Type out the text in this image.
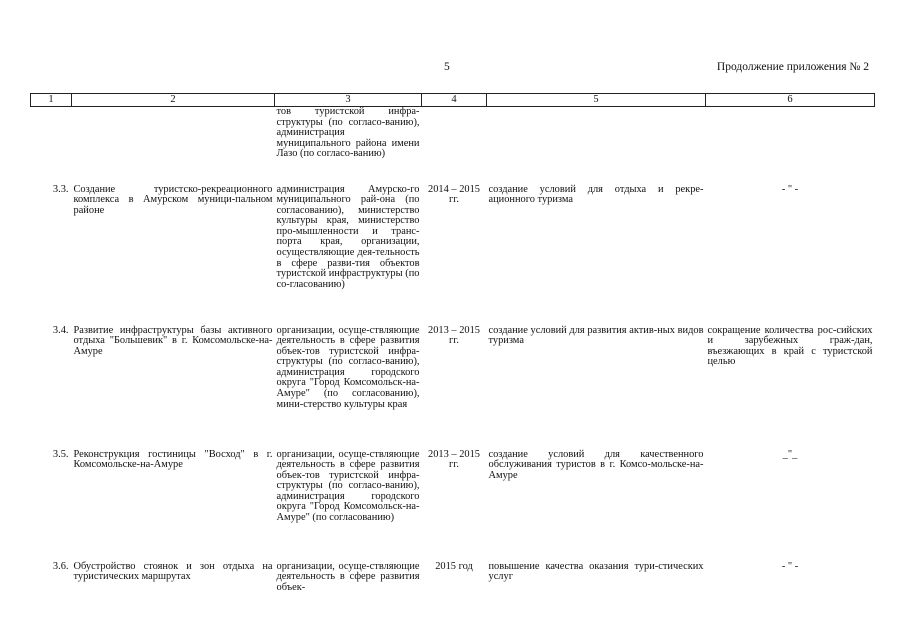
5	Продолжение приложения № 2
1	2	3	4	5	6
		тов туристской инфра-структуры (по согласо-ванию), администрация муниципального района имени Лазо (по согласо-ванию)			
3.3.	Создание туристско-рекреационного комплекса в Амурском муници-пальном районе	администрация Амурско-го муниципального рай-она (по согласованию), министерство культуры края, министерство про-мышленности и транс-порта края, организации, осуществляющие дея-тельность в сфере разви-тия объектов туристской инфраструктуры (по со-гласованию)	2014 – 2015 гг.	создание условий для отдыха и рекре-ационного туризма	- " -
3.4.	Развитие инфраструктуры базы активного отдыха "Большевик" в г. Комсомольске-на-Амуре	организации, осуще-ствляющие деятельность в сфере развития объек-тов туристской инфра-структуры (по согласо-ванию), администрация городского округа "Город Комсомольск-на-Амуре" (по согласованию), мини-стерство культуры края	2013 – 2015 гг.	создание условий для развития актив-ных видов туризма	сокращение количества рос-сийских и зарубежных граж-дан, въезжающих в край с туристской целью
3.5.	Реконструкция гостиницы "Восход" в г. Комсомольске-на-Амуре	организации, осуще-ствляющие деятельность в сфере развития объек-тов туристской инфра-структуры (по согласо-ванию), администрация городского округа "Город Комсомольск-на-Амуре" (по согласованию)	2013 – 2015 гг.	создание условий для качественного обслуживания туристов в г. Комсо-мольске-на-Амуре	_"_
3.6.	Обустройство стоянок и зон отдыха на туристических маршрутах	организации, осуще-ствляющие деятельность в сфере развития объек-	2015 год	повышение качества оказания тури-стических услуг	- " -
